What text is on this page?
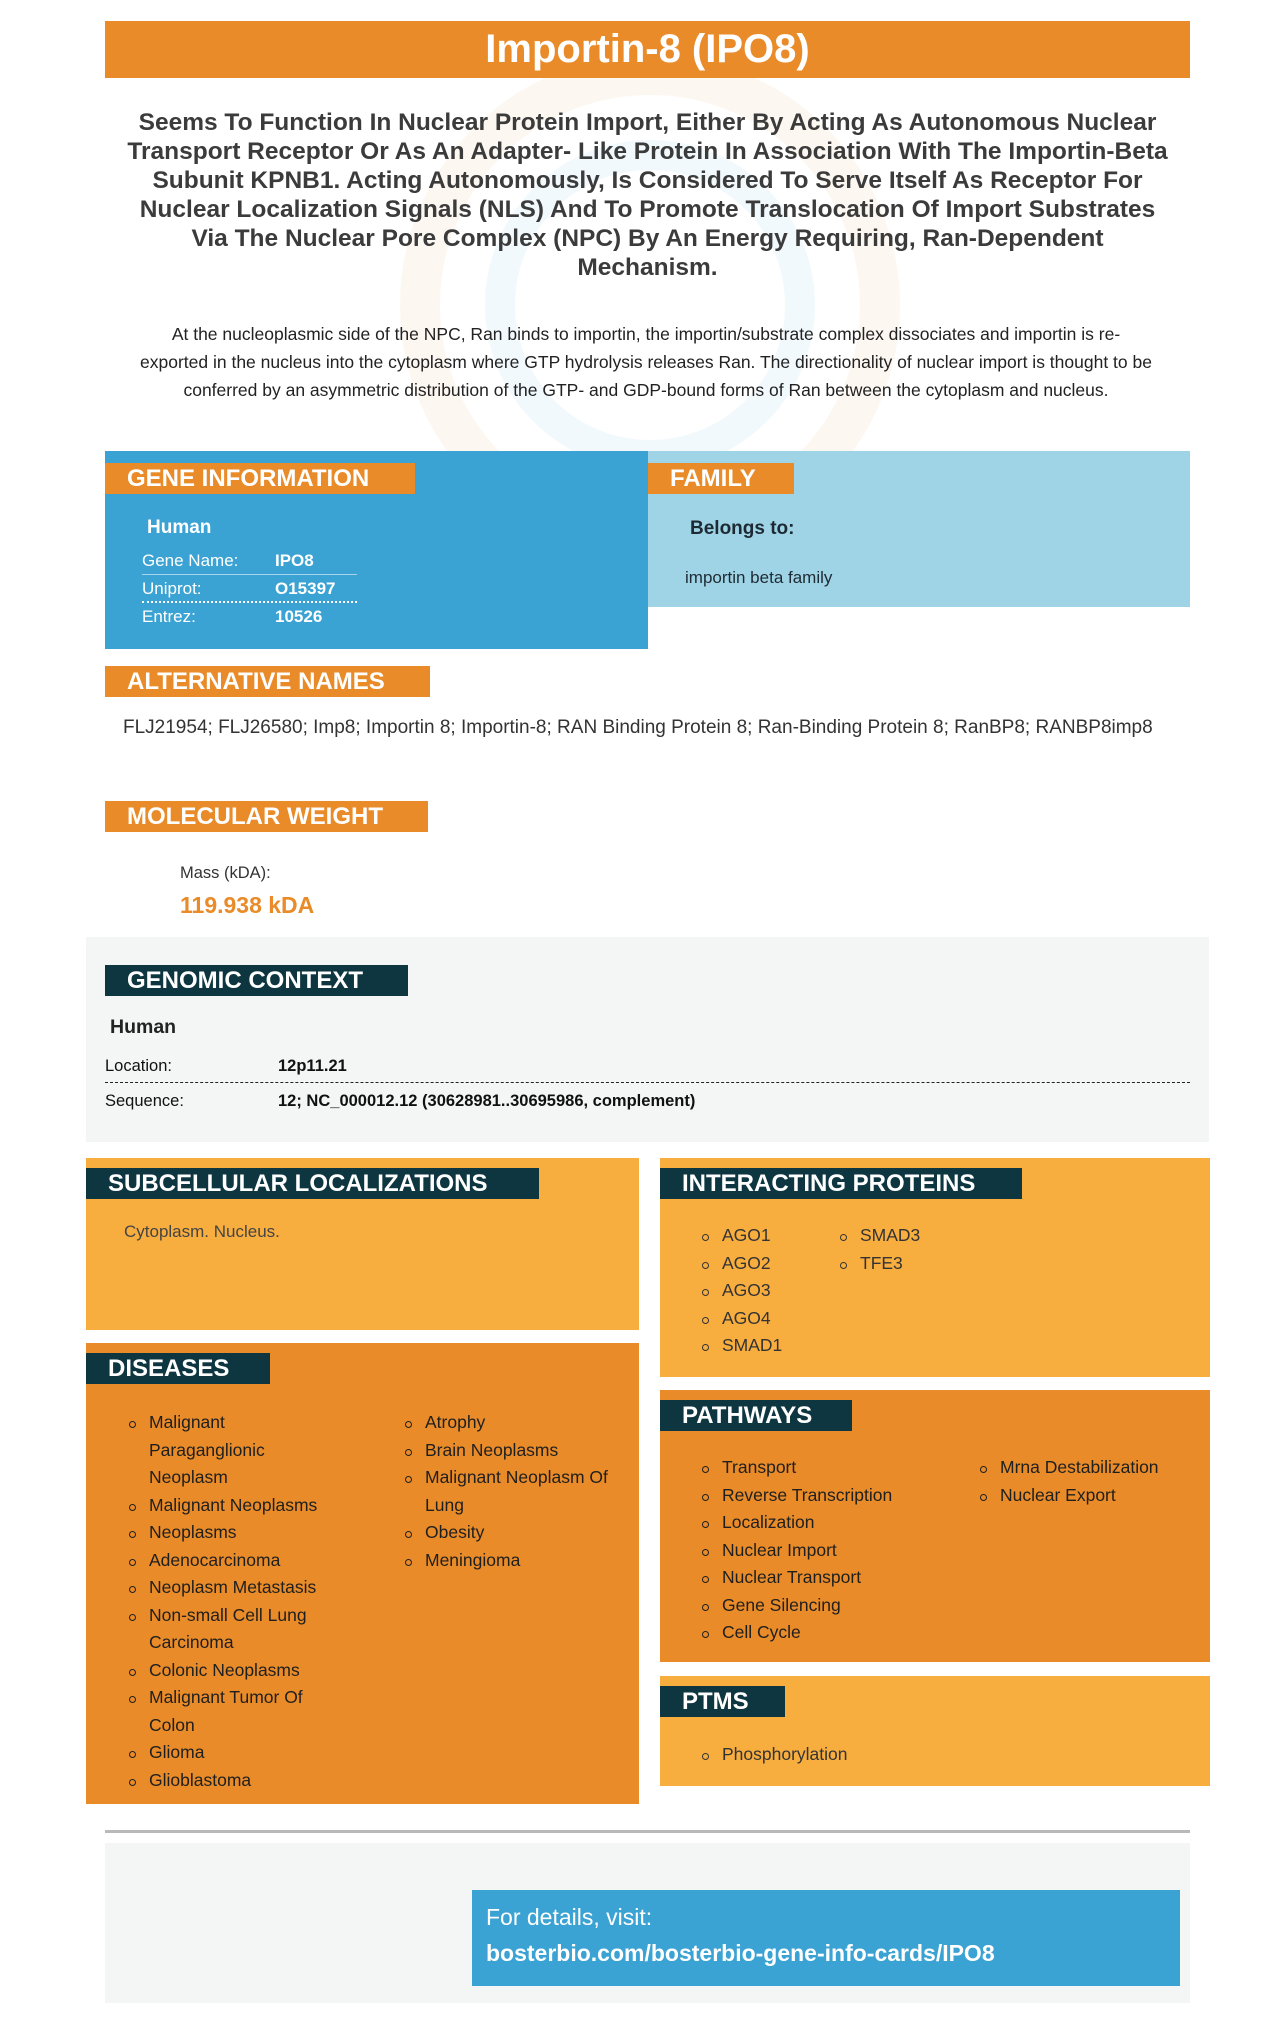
Importin-8 (IPO8)
Seems To Function In Nuclear Protein Import, Either By Acting As Autonomous Nuclear Transport Receptor Or As An Adapter- Like Protein In Association With The Importin-Beta Subunit KPNB1. Acting Autonomously, Is Considered To Serve Itself As Receptor For Nuclear Localization Signals (NLS) And To Promote Translocation Of Import Substrates Via The Nuclear Pore Complex (NPC) By An Energy Requiring, Ran-Dependent Mechanism.
At the nucleoplasmic side of the NPC, Ran binds to importin, the importin/substrate complex dissociates and importin is re-exported in the nucleus into the cytoplasm where GTP hydrolysis releases Ran. The directionality of nuclear import is thought to be conferred by an asymmetric distribution of the GTP- and GDP-bound forms of Ran between the cytoplasm and nucleus.
GENE INFORMATION
Human
Gene Name: IPO8
Uniprot:	O15397
Entrez:	10526
FAMILY
Belongs to:
importin beta family
ALTERNATIVE NAMES
FLJ21954; FLJ26580; Imp8; Importin 8; Importin-8; RAN Binding Protein 8; Ran-Binding Protein 8; RanBP8; RANBP8imp8
MOLECULAR WEIGHT
Mass (kDA):
119.938 kDA
GENOMIC CONTEXT
Human
Location:	12p11.21
Sequence:	12; NC_000012.12 (30628981..30695986, complement)
SUBCELLULAR LOCALIZATIONS
Cytoplasm. Nucleus.
INTERACTING PROTEINS
AGO1
AGO2
AGO3
AGO4
SMAD1
SMAD3
TFE3
DISEASES
Malignant Paraganglionic Neoplasm
Malignant Neoplasms
Neoplasms
Adenocarcinoma
Neoplasm Metastasis
Non-small Cell Lung Carcinoma
Colonic Neoplasms
Malignant Tumor Of Colon
Glioma
Glioblastoma
Atrophy
Brain Neoplasms
Malignant Neoplasm Of Lung
Obesity
Meningioma
PATHWAYS
Transport
Reverse Transcription
Localization
Nuclear Import
Nuclear Transport
Gene Silencing
Cell Cycle
Mrna Destabilization
Nuclear Export
PTMS
Phosphorylation
For details, visit:
bosterbio.com/bosterbio-gene-info-cards/IPO8
